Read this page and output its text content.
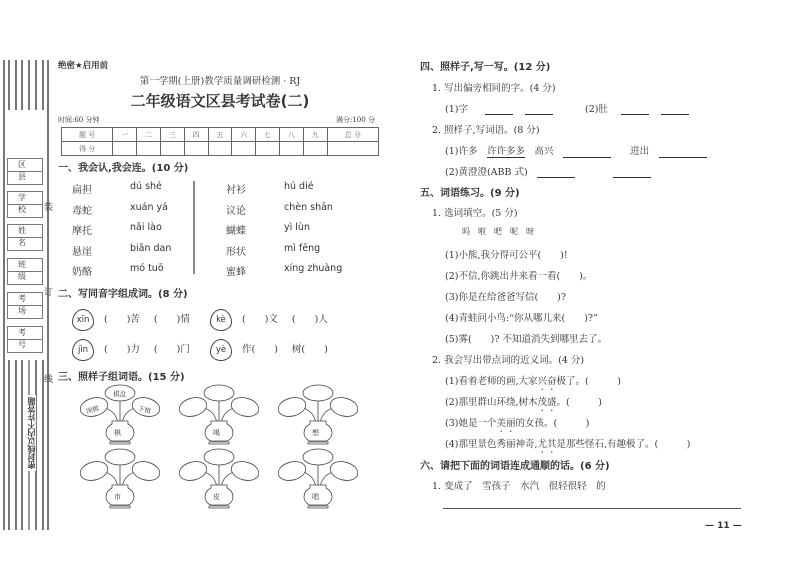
区 县
学 校
姓 名
班 级
考 场
考 号
装
订
线
密封线以内不许答题
绝密★启用前
第一学期(上册)教学质量调研检测 · RJ
二年级语文区县考试卷(二)
时间:60 分钟	满分:100 分
题 号	一	二	三	四	五	六	七	八	九	总 分
得 分										
一、我会认,我会连。(10 分)
扁担	dú shé	衬衫	hú dié
毒蛇	xuán yá	议论	chèn shān
摩托	nǎi lào	蝴蝶	yì lùn
悬崖	biǎn dan	形状	mì fēng
奶酪	mó tuō	蜜蜂	xíng zhuàng
二、写同音字组成词。(8 分)
xīn (　　)苦 (　　)情	kè (　　)文 (　　)人
jìn (　　)力 (　　)门	yè 作(　　) 树(　　)
三、照样子组词语。(15 分)
棋
围棋
棋盘
下棋
喝	想
市	皮	唱
四、照样子,写一写。(12 分)
1. 写出偏旁相同的字。(4 分)
(1)字　	(2)肚　
2. 照样子,写词语。(8 分)
(1)许多　 许许多多　 高兴　　　	进出　
(2)黄澄澄(ABB 式)　　　　　
五、词语练习。(9 分)
1. 选词填空。(5 分)
吗　啦　吧　呢　呀
(1)小熊,我分得可公平(　　)!
(2)不信,你跳出井来看一看(　　)。
(3)你是在给爸爸写信(　　)?
(4)青蛙问小鸟:“你从哪儿来(　　)?”
(5)雾(　　)? 不知道消失到哪里去了。
2. 我会写出带点词的近义词。(4 分)
(1)看着老师的画,大家兴奋极了。(　　　)
(2)那里群山环绕,树木茂盛。(　　　)
(3)她是一个美丽的女孩。(　　　)
(4)那里景色秀丽神奇,尤其是那些怪石,有趣极了。(　　　)
六、请把下面的词语连成通顺的话。(6 分)
1. 变成了　雪孩子　水汽　很轻很轻　的
— 11 —
